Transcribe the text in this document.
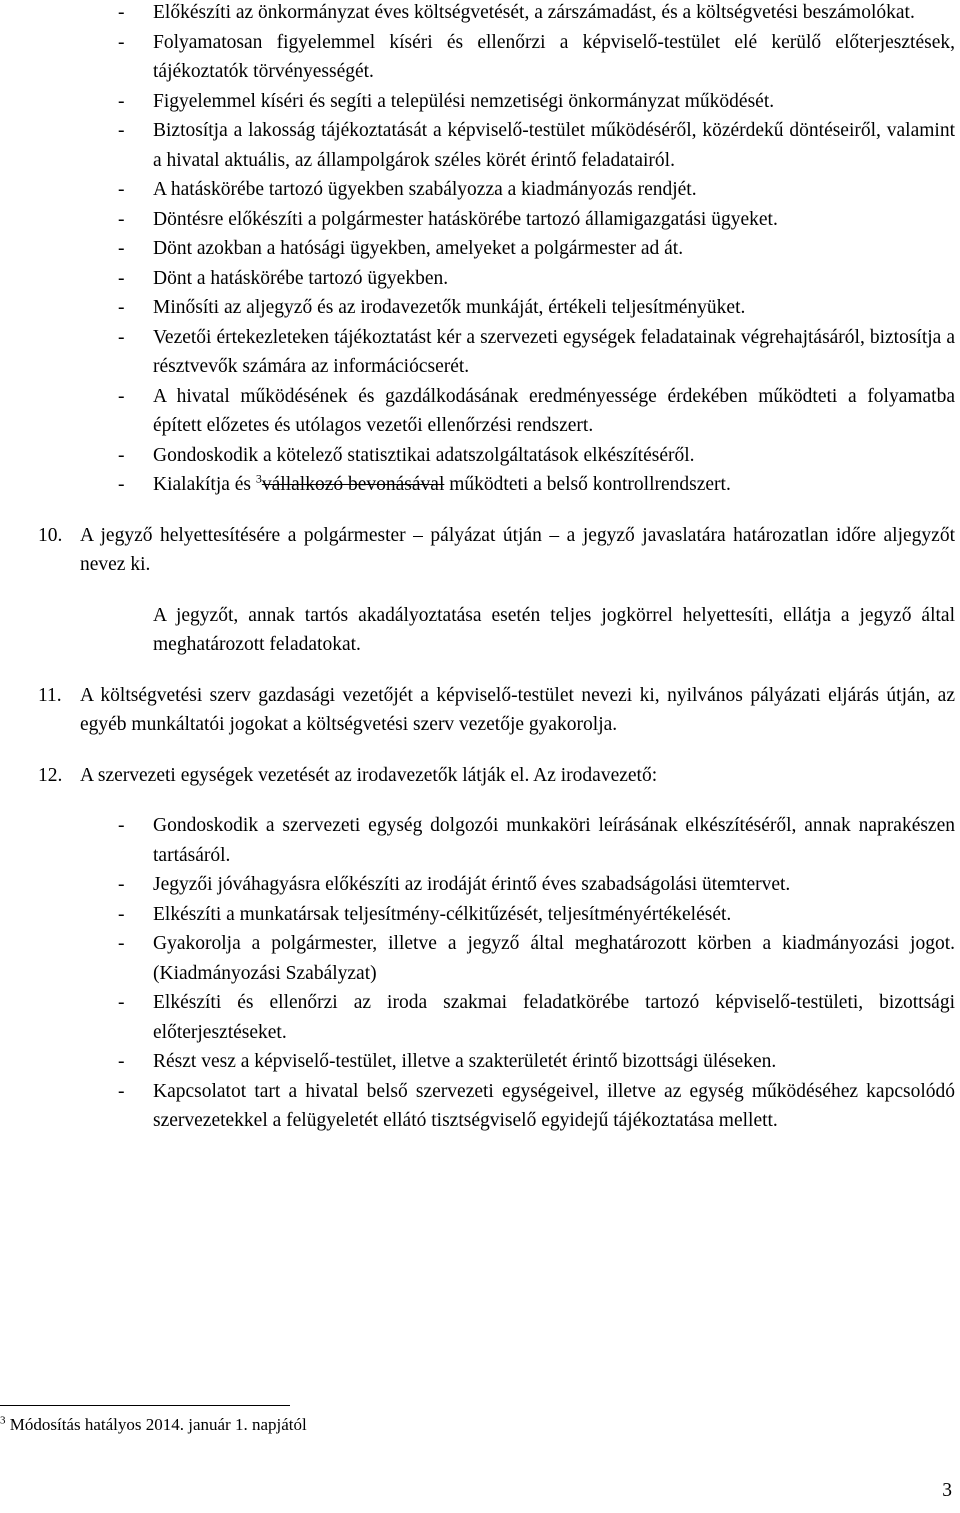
- Előkészíti az önkormányzat éves költségvetését, a zárszámadást, és a költségvetési beszámolókat.
- Folyamatosan figyelemmel kíséri és ellenőrzi a képviselő-testület elé kerülő előterjesztések, tájékoztatók törvényességét.
- Figyelemmel kíséri és segíti a települési nemzetiségi önkormányzat működését.
- Biztosítja a lakosság tájékoztatását a képviselő-testület működéséről, közérdekű döntéseiről, valamint a hivatal aktuális, az állampolgárok széles körét érintő feladatairól.
- A hatáskörébe tartozó ügyekben szabályozza a kiadmányozás rendjét.
- Döntésre előkészíti a polgármester hatáskörébe tartozó államigazgatási ügyeket.
- Dönt azokban a hatósági ügyekben, amelyeket a polgármester ad át.
- Dönt a hatáskörébe tartozó ügyekben.
- Minősíti az aljegyző és az irodavezetők munkáját, értékeli teljesítményüket.
- Vezetői értekezleteken tájékoztatást kér a szervezeti egységek feladatainak végrehajtásáról, biztosítja a résztvevők számára az információcserét.
- A hivatal működésének és gazdálkodásának eredményessége érdekében működteti a folyamatba épített előzetes és utólagos vezetői ellenőrzési rendszert.
- Gondoskodik a kötelező statisztikai adatszolgáltatások elkészítéséről.
- Kialakítja és $^3$vállalkozó bevonásával működteti a belső kontrollrendszert.
10. A jegyző helyettesítésére a polgármester – pályázat útján – a jegyző javaslatára határozatlan időre aljegyzőt nevez ki.
A jegyzőt, annak tartós akadályoztatása esetén teljes jogkörrel helyettesíti, ellátja a jegyző által meghatározott feladatokat.
11. A költségvetési szerv gazdasági vezetőjét a képviselő-testület nevezi ki, nyilvános pályázati eljárás útján, az egyéb munkáltatói jogokat a költségvetési szerv vezetője gyakorolja.
12. A szervezeti egységek vezetését az irodavezetők látják el. Az irodavezető:
- Gondoskodik a szervezeti egység dolgozói munkaköri leírásának elkészítéséről, annak naprakészen tartásáról.
- Jegyzői jóváhagyásra előkészíti az irodáját érintő éves szabadságolási ütemtervet.
- Elkészíti a munkatársak teljesítmény-célkitűzését, teljesítményértékelését.
- Gyakorolja a polgármester, illetve a jegyző által meghatározott körben a kiadmányozási jogot. (Kiadmányozási Szabályzat)
- Elkészíti és ellenőrzi az iroda szakmai feladatkörébe tartozó képviselő-testületi, bizottsági előterjesztéseket.
- Részt vesz a képviselő-testület, illetve a szakterületét érintő bizottsági üléseken.
- Kapcsolatot tart a hivatal belső szervezeti egységeivel, illetve az egység működéséhez kapcsolódó szervezetekkel a felügyeletét ellátó tisztségviselő egyidejű tájékoztatása mellett.
$^3$ Módosítás hatályos 2014. január 1. napjától
3
